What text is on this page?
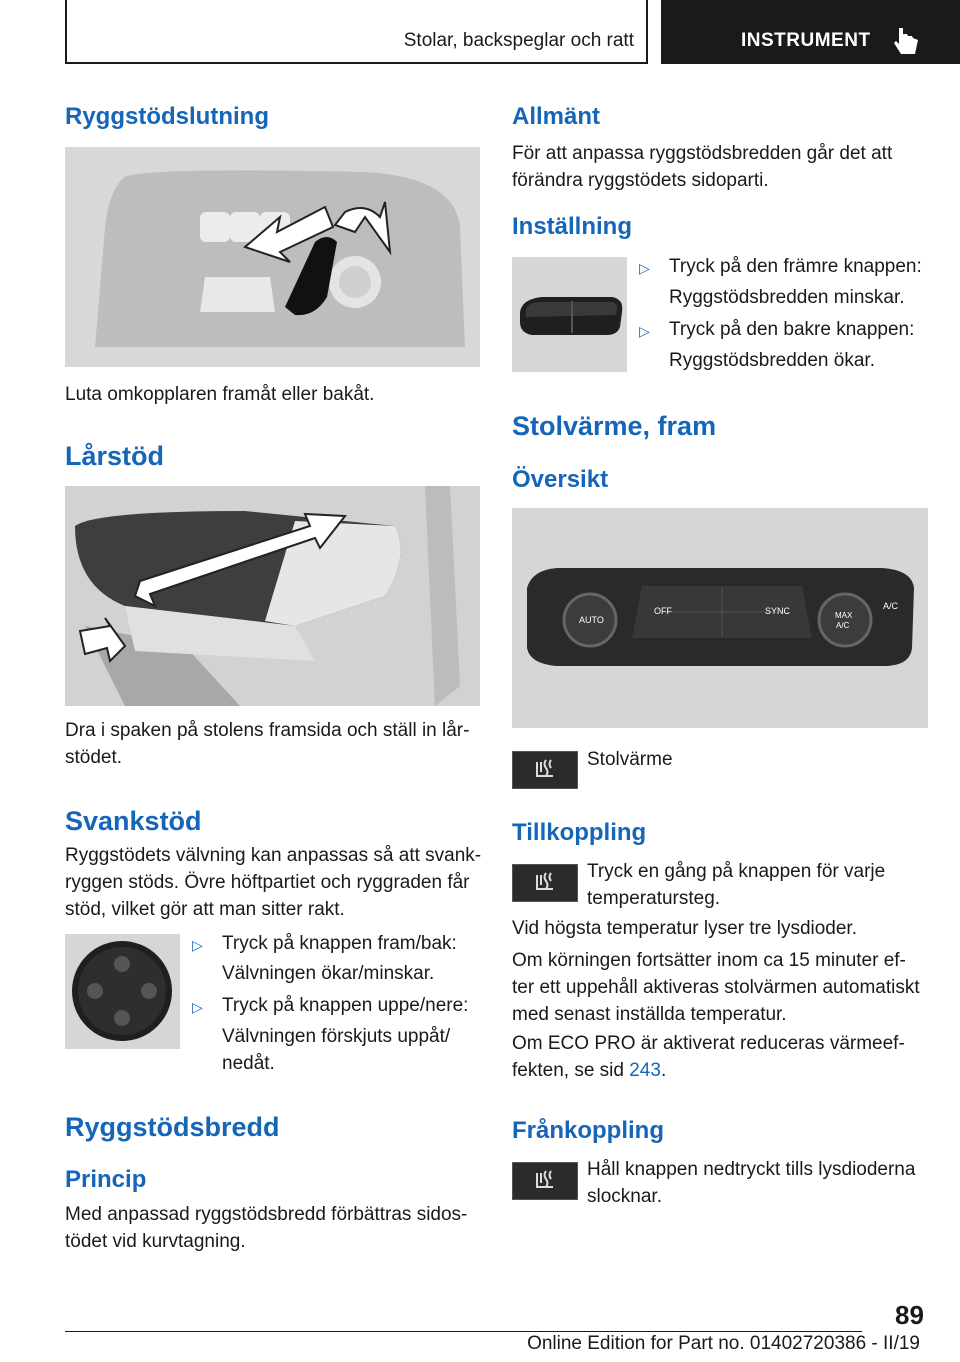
Stolar, backspeglar och ratt	INSTRUMENT
Ryggstödslutning

Luta omkopplaren framåt eller bakåt.

Lårstöd

Dra i spaken på stolens framsida och ställ in lår-

stödet.

Svankstöd

Ryggstödets välvning kan anpassas så att svank-

ryggen stöds. Övre höftpartiet och ryggraden får

stöd, vilket gör att man sitter rakt.

▷ Tryck på knappen fram/bak:

Välvningen ökar/minskar.

▷ Tryck på knappen uppe/nere:

Välvningen förskjuts uppåt/

nedåt.

Ryggstödsbredd
Princip

Med anpassad ryggstödsbredd förbättras sidos-

tödet vid kurvtagning.

Allmänt

För att anpassa ryggstödsbredden går det att

förändra ryggstödets sidoparti.

Inställning
▷ Tryck på den främre knappen:

Ryggstödsbredden minskar.

▷ Tryck på den bakre knappen:

Ryggstödsbredden ökar.

Stolvärme, fram
Översikt
AUTO
OFF	SYNC	A/C
MAX
A/C

Stolvärme

Tillkoppling

Tryck en gång på knappen för varje

temperatursteg.

Vid högsta temperatur lyser tre lysdioder.

Om körningen fortsätter inom ca 15 minuter ef-

ter ett uppehåll aktiveras stolvärmen automatiskt

med senast inställda temperatur.

Om ECO PRO är aktiverat reduceras värmeef-

fekten, se sid 243.

Frånkoppling

Håll knappen nedtryckt tills lysdioderna

slocknar.

89
Online Edition for Part no. 01402720386 - II/19
